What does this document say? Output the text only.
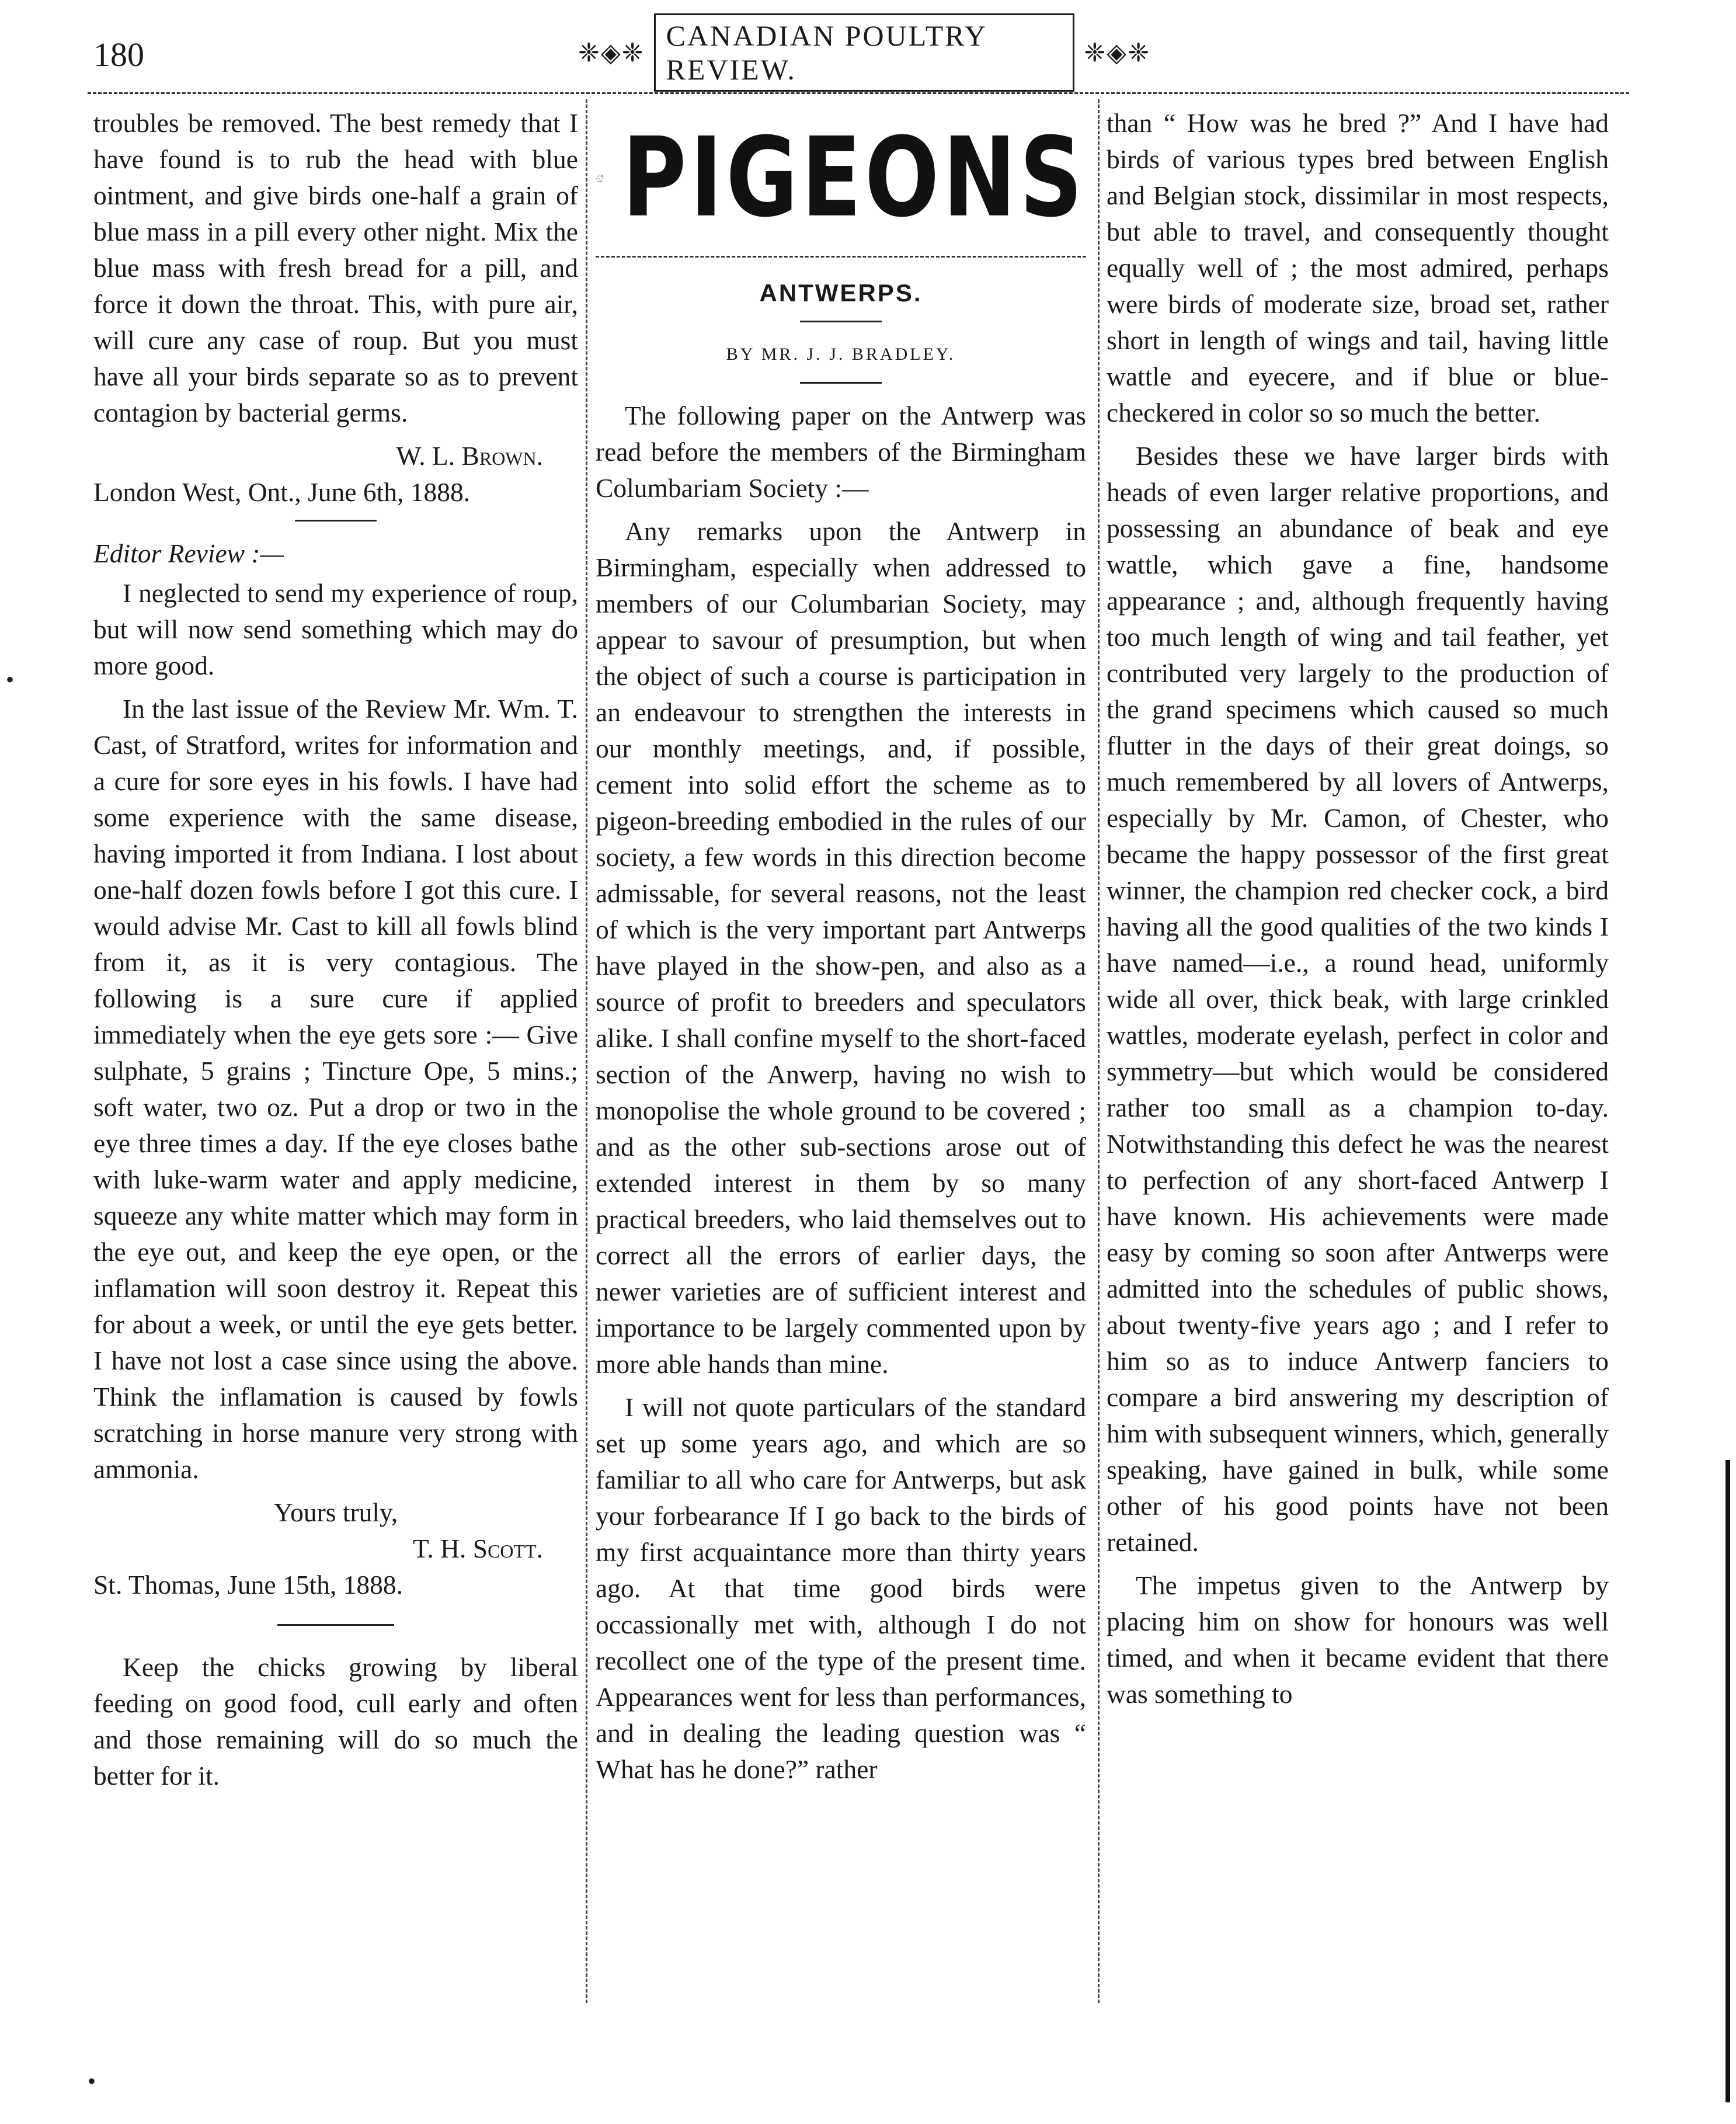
180	❈◈❈
CANADIAN POULTRY REVIEW.
❈◈❈

troubles be removed. The best remedy that I have found is to rub the head with blue ointment, and give birds one-half a grain of blue mass in a pill every other night. Mix the blue mass with fresh bread for a pill, and force it down the throat. This, with pure air, will cure any case of roup. But you must have all your birds separate so as to prevent contagion by bacterial germs.

W. L. Brown.
London West, Ont., June 6th, 1888.
Editor Review :—

I neglected to send my experience of roup, but will now send something which may do more good.

In the last issue of the Review Mr. Wm. T. Cast, of Stratford, writes for information and a cure for sore eyes in his fowls. I have had some experience with the same disease, having imported it from Indiana. I lost about one-half dozen fowls before I got this cure. I would advise Mr. Cast to kill all fowls blind from it, as it is very contagious. The following is a sure cure if applied immediately when the eye gets sore :— Give sulphate, 5 grains ; Tincture Ope, 5 mins.; soft water, two oz. Put a drop or two in the eye three times a day. If the eye closes bathe with luke-warm water and apply medicine, squeeze any white matter which may form in the eye out, and keep the eye open, or the inflamation will soon destroy it. Repeat this for about a week, or until the eye gets better. I have not lost a case since using the above. Think the inflamation is caused by fowls scratching in horse manure very strong with ammonia.

Yours truly,
T. H. Scott.
St. Thomas, June 15th, 1888.

Keep the chicks growing by liberal feeding on good food, cull early and often and those remaining will do so much the better for it.

PIGEONS
ANTWERPS.
BY MR. J. J. BRADLEY.

The following paper on the Antwerp was read before the members of the Birmingham Columbariam Society :—

Any remarks upon the Antwerp in Birmingham, especially when addressed to members of our Columbarian Society, may appear to savour of presumption, but when the object of such a course is participation in an endeavour to strengthen the interests in our monthly meetings, and, if possible, cement into solid effort the scheme as to pigeon-breeding embodied in the rules of our society, a few words in this direction become admissable, for several reasons, not the least of which is the very important part Antwerps have played in the show-pen, and also as a source of profit to breeders and speculators alike. I shall confine myself to the short-faced section of the Anwerp, having no wish to monopolise the whole ground to be covered ; and as the other sub-sections arose out of extended interest in them by so many practical breeders, who laid themselves out to correct all the errors of earlier days, the newer varieties are of sufficient interest and importance to be largely commented upon by more able hands than mine.

I will not quote particulars of the standard set up some years ago, and which are so familiar to all who care for Antwerps, but ask your forbearance If I go back to the birds of my first acquaintance more than thirty years ago. At that time good birds were occassionally met with, although I do not recollect one of the type of the present time. Appearances went for less than performances, and in dealing the leading question was “ What has he done?” rather

than “ How was he bred ?” And I have had birds of various types bred between English and Belgian stock, dissimilar in most respects, but able to travel, and consequently thought equally well of ; the most admired, perhaps were birds of moderate size, broad set, rather short in length of wings and tail, having little wattle and eyecere, and if blue or blue-checkered in color so so much the better.

Besides these we have larger birds with heads of even larger relative proportions, and possessing an abundance of beak and eye wattle, which gave a fine, handsome appearance ; and, although frequently having too much length of wing and tail feather, yet contributed very largely to the production of the grand specimens which caused so much flutter in the days of their great doings, so much remembered by all lovers of Antwerps, especially by Mr. Camon, of Chester, who became the happy possessor of the first great winner, the champion red checker cock, a bird having all the good qualities of the two kinds I have named—i.e., a round head, uniformly wide all over, thick beak, with large crinkled wattles, moderate eyelash, perfect in color and symmetry—but which would be considered rather too small as a champion to-day. Notwithstanding this defect he was the nearest to perfection of any short-faced Antwerp I have known. His achievements were made easy by coming so soon after Antwerps were admitted into the schedules of public shows, about twenty-five years ago ; and I refer to him so as to induce Antwerp fanciers to compare a bird answering my description of him with subsequent winners, which, generally speaking, have gained in bulk, while some other of his good points have not been retained.

The impetus given to the Antwerp by placing him on show for honours was well timed, and when it became evident that there was something to

•
•
